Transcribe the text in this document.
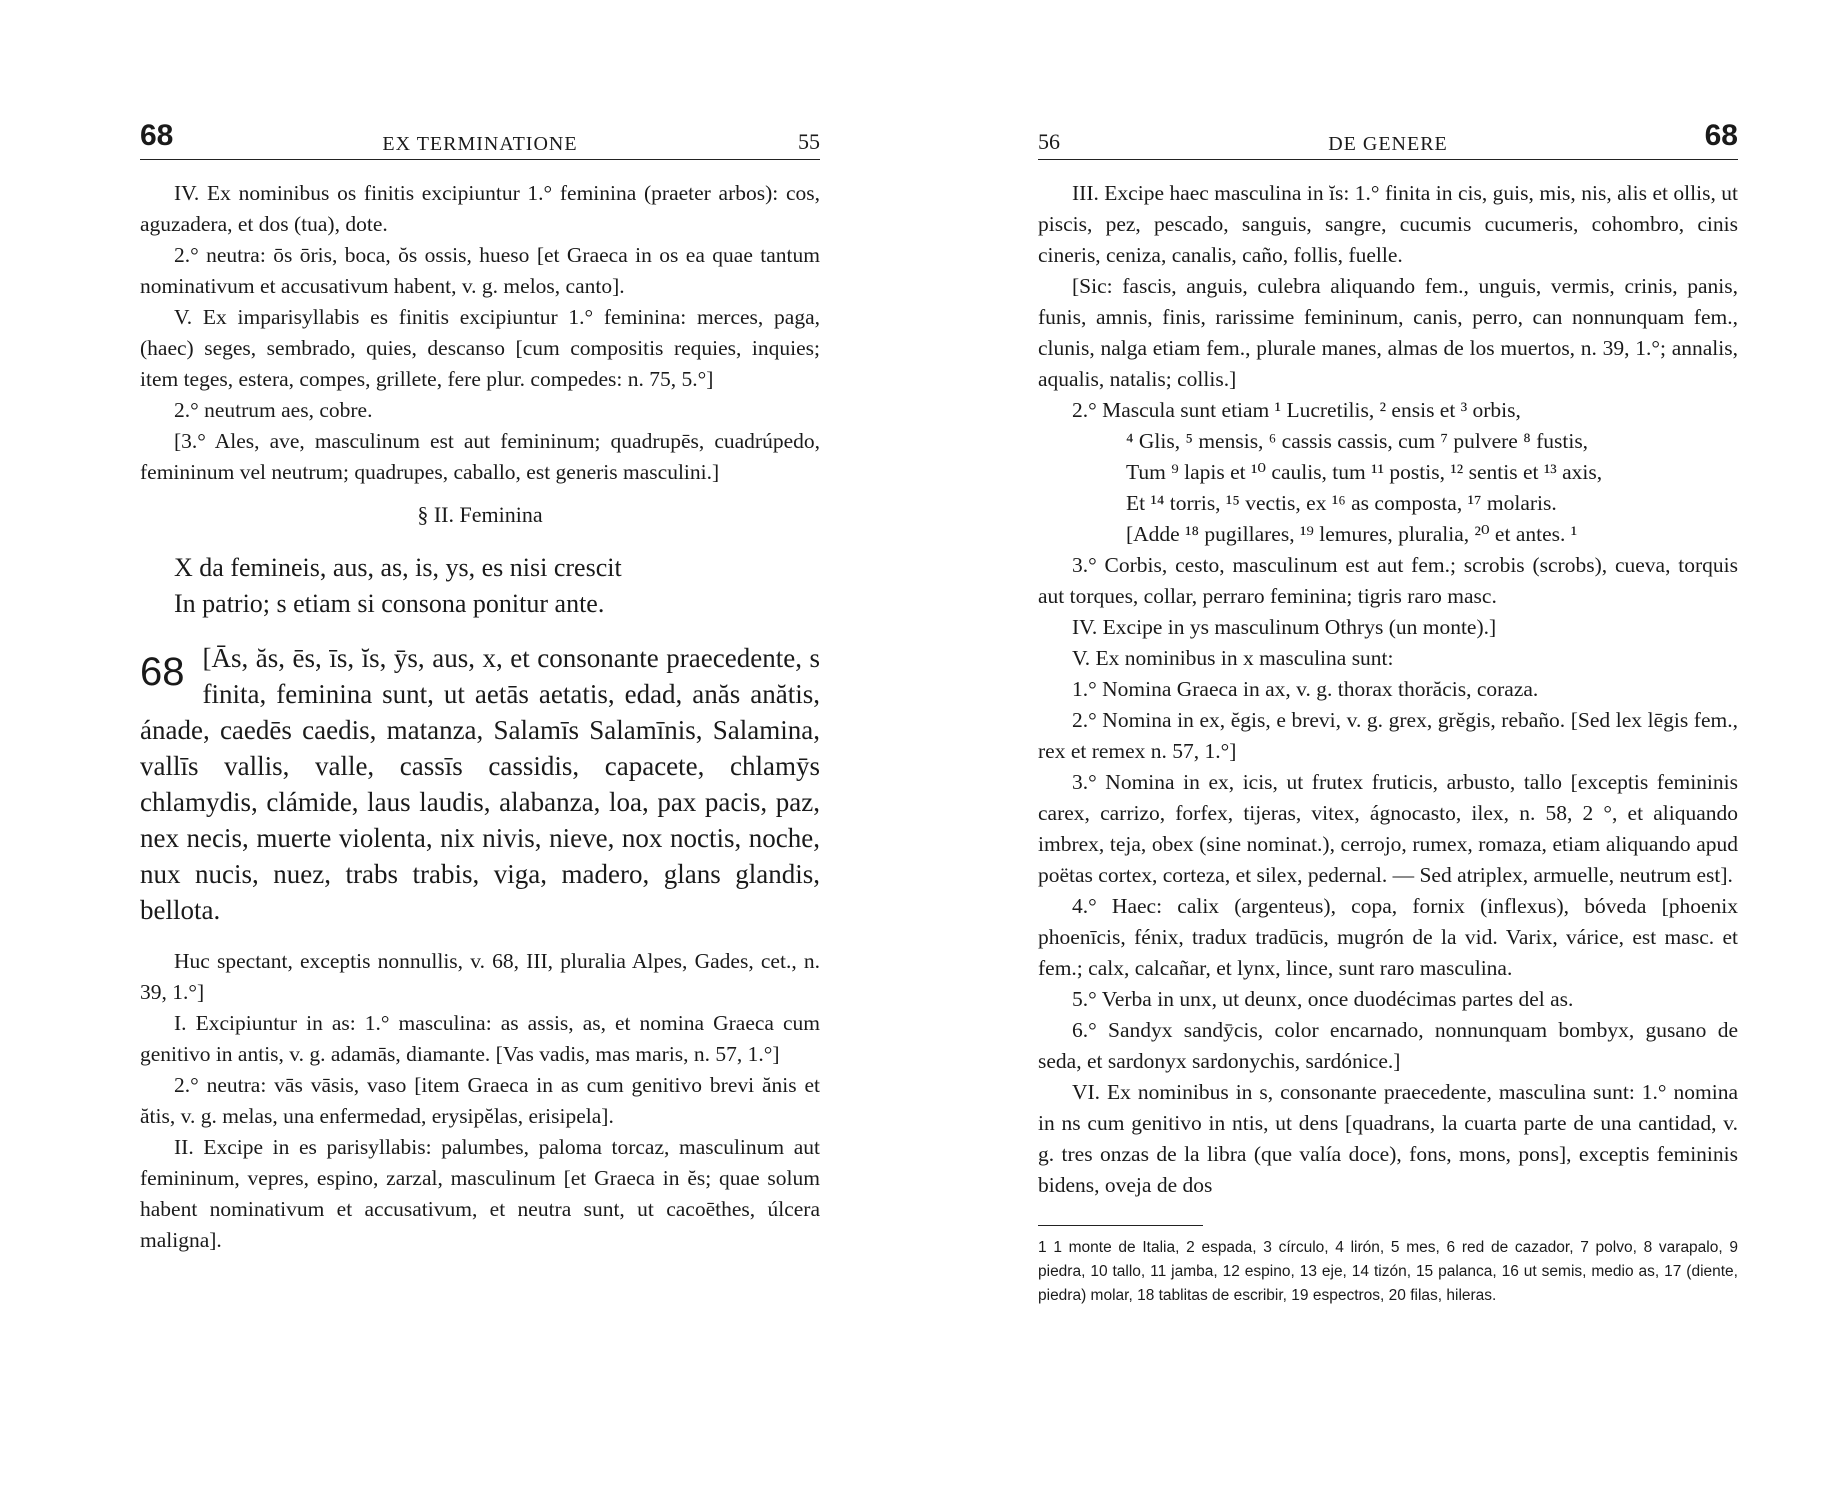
68	EX TERMINATIONE	55

IV. Ex nominibus os finitis excipiuntur 1.° feminina (praeter arbos): cos, aguzadera, et dos (tua), dote.

2.° neutra: ōs ōris, boca, ŏs ossis, hueso [et Graeca in os ea quae tantum nominativum et accusativum habent, v. g. melos, canto].

V. Ex imparisyllabis es finitis excipiuntur 1.° feminina: merces, paga, (haec) seges, sembrado, quies, descanso [cum compositis requies, inquies; item teges, estera, compes, grillete, fere plur. compedes: n. 75, 5.°]

2.° neutrum aes, cobre.

[3.° Ales, ave, masculinum est aut femininum; quadrupēs, cuadrúpedo, femininum vel neutrum; quadrupes, caballo, est generis masculini.]

§ II. Feminina
X da femineis, aus, as, is, ys, es nisi crescit
In patrio; s etiam si consona ponitur ante.
68 [Ās, ăs, ēs, īs, ĭs, ȳs, aus, x, et consonante praecedente, s finita, feminina sunt, ut aetās aetatis, edad, anăs anătis, ánade, caedēs caedis, matanza, Salamīs Salamīnis, Salamina, vallīs vallis, valle, cassīs cassidis, capacete, chlamȳs chlamydis, clámide, laus laudis, alabanza, loa, pax pacis, paz, nex necis, muerte violenta, nix nivis, nieve, nox noctis, noche, nux nucis, nuez, trabs trabis, viga, madero, glans glandis, bellota.

Huc spectant, exceptis nonnullis, v. 68, III, pluralia Alpes, Gades, cet., n. 39, 1.°]

I. Excipiuntur in as: 1.° masculina: as assis, as, et nomina Graeca cum genitivo in antis, v. g. adamās, diamante. [Vas vadis, mas maris, n. 57, 1.°]

2.° neutra: vās vāsis, vaso [item Graeca in as cum genitivo brevi ănis et ătis, v. g. melas, una enfermedad, erysipĕlas, erisipela].

II. Excipe in es parisyllabis: palumbes, paloma torcaz, masculinum aut femininum, vepres, espino, zarzal, masculinum [et Graeca in ĕs; quae solum habent nominativum et accusativum, et neutra sunt, ut cacoēthes, úlcera maligna].

56	DE GENERE	68

III. Excipe haec masculina in ĭs: 1.° finita in cis, guis, mis, nis, alis et ollis, ut piscis, pez, pescado, sanguis, sangre, cucumis cucumeris, cohombro, cinis cineris, ceniza, canalis, caño, follis, fuelle.

[Sic: fascis, anguis, culebra aliquando fem., unguis, vermis, crinis, panis, funis, amnis, finis, rarissime femininum, canis, perro, can nonnunquam fem., clunis, nalga etiam fem., plurale manes, almas de los muertos, n. 39, 1.°; annalis, aqualis, natalis; collis.]

2.° Mascula sunt etiam ¹ Lucretilis, ² ensis et ³ orbis,

⁴ Glis, ⁵ mensis, ⁶ cassis cassis, cum ⁷ pulvere ⁸ fustis,

Tum ⁹ lapis et ¹⁰ caulis, tum ¹¹ postis, ¹² sentis et ¹³ axis,

Et ¹⁴ torris, ¹⁵ vectis, ex ¹⁶ as composta, ¹⁷ molaris.

[Adde ¹⁸ pugillares, ¹⁹ lemures, pluralia, ²⁰ et antes. ¹

3.° Corbis, cesto, masculinum est aut fem.; scrobis (scrobs), cueva, torquis aut torques, collar, perraro feminina; tigris raro masc.

IV. Excipe in ys masculinum Othrys (un monte).]

V. Ex nominibus in x masculina sunt:

1.° Nomina Graeca in ax, v. g. thorax thorăcis, coraza.

2.° Nomina in ex, ĕgis, e brevi, v. g. grex, grĕgis, rebaño. [Sed lex lēgis fem., rex et remex n. 57, 1.°]

3.° Nomina in ex, icis, ut frutex fruticis, arbusto, tallo [exceptis femininis carex, carrizo, forfex, tijeras, vitex, ágnocasto, ilex, n. 58, 2 °, et aliquando imbrex, teja, obex (sine nominat.), cerrojo, rumex, romaza, etiam aliquando apud poëtas cortex, corteza, et silex, pedernal. — Sed atriplex, armuelle, neutrum est].

4.° Haec: calix (argenteus), copa, fornix (inflexus), bóveda [phoenix phoenīcis, fénix, tradux tradūcis, mugrón de la vid. Varix, várice, est masc. et fem.; calx, calcañar, et lynx, lince, sunt raro masculina.

5.° Verba in unx, ut deunx, once duodécimas partes del as.

6.° Sandyx sandȳcis, color encarnado, nonnunquam bombyx, gusano de seda, et sardonyx sardonychis, sardónice.]

VI. Ex nominibus in s, consonante praecedente, masculina sunt: 1.° nomina in ns cum genitivo in ntis, ut dens [quadrans, la cuarta parte de una cantidad, v. g. tres onzas de la libra (que valía doce), fons, mons, pons], exceptis femininis bidens, oveja de dos

1 1 monte de Italia, 2 espada, 3 círculo, 4 lirón, 5 mes, 6 red de cazador, 7 polvo, 8 varapalo, 9 piedra, 10 tallo, 11 jamba, 12 espino, 13 eje, 14 tizón, 15 palanca, 16 ut semis, medio as, 17 (diente, piedra) molar, 18 tablitas de escribir, 19 espectros, 20 filas, hileras.
